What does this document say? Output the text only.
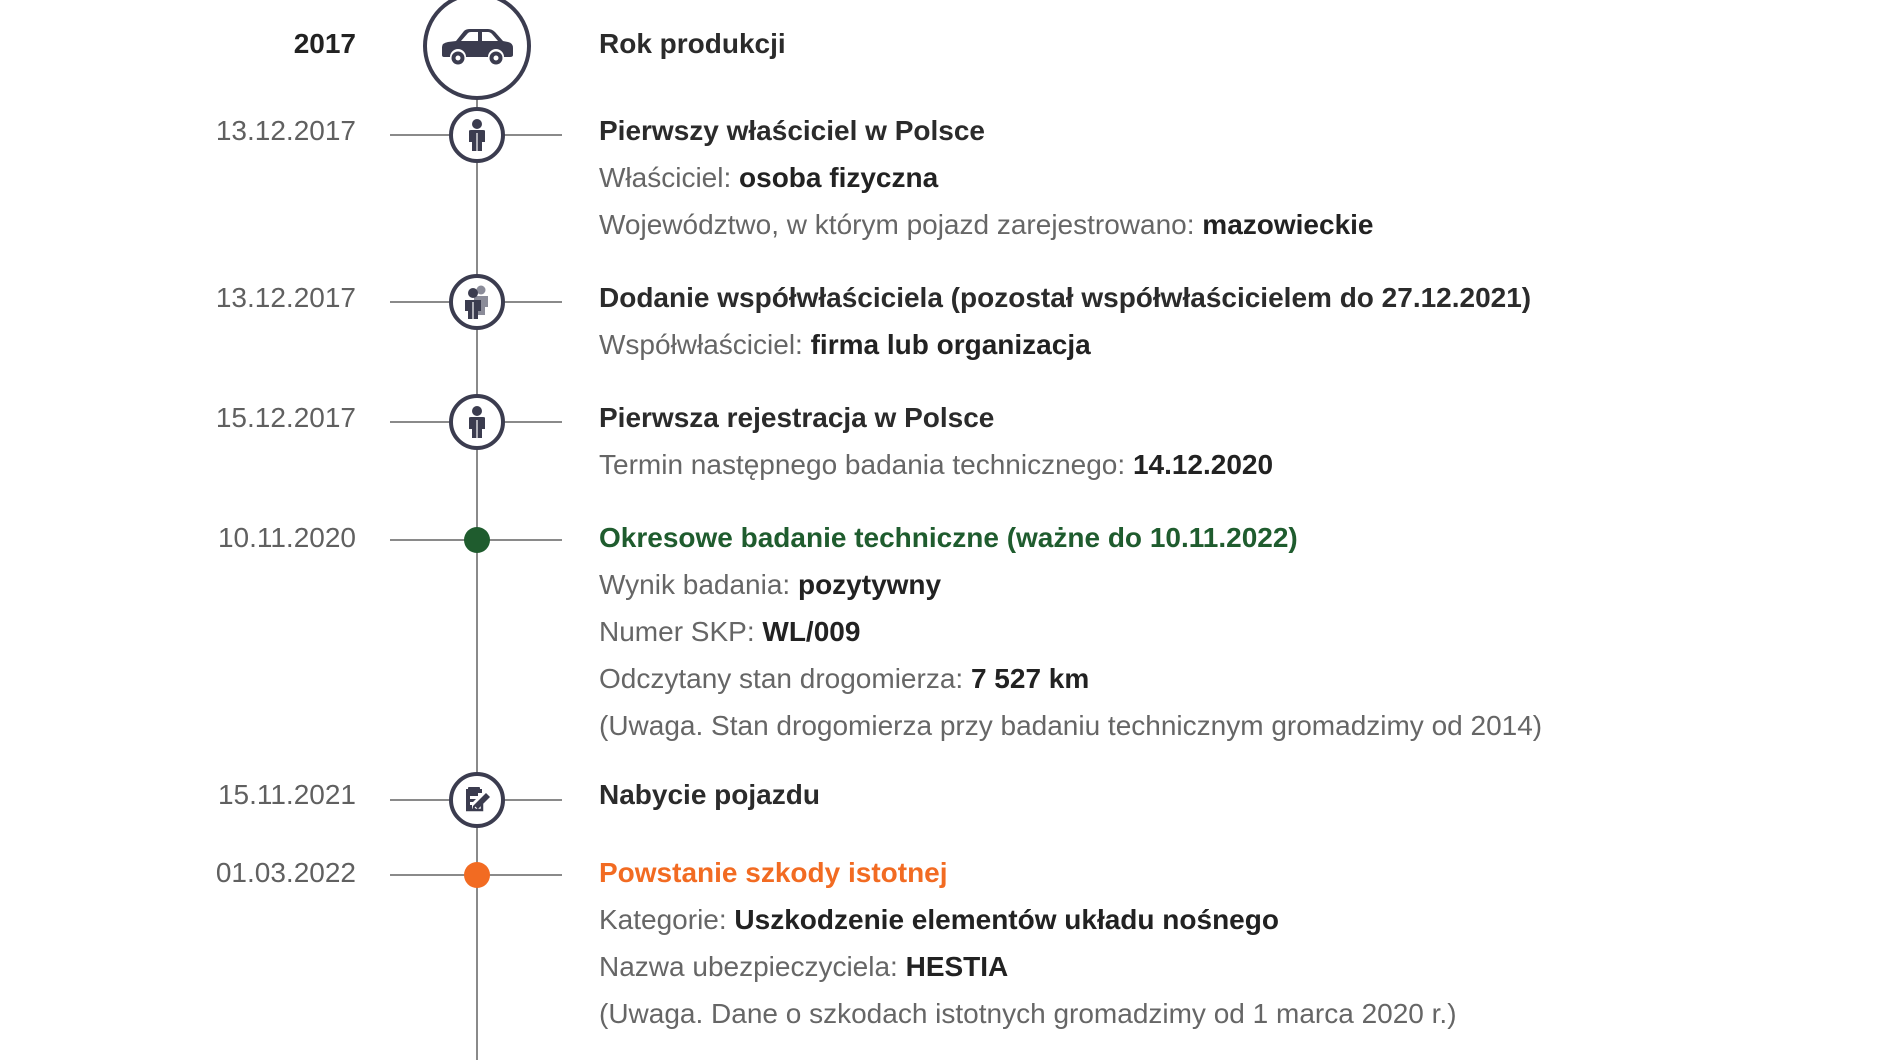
2017	Rok produkcji
13.12.2017	Pierwszy właściciel w Polsce
Właściciel: osoba fizyczna
Województwo, w którym pojazd zarejestrowano: mazowieckie
13.12.2017	Dodanie współwłaściciela (pozostał współwłaścicielem do 27.12.2021)
Współwłaściciel: firma lub organizacja
15.12.2017	Pierwsza rejestracja w Polsce
Termin następnego badania technicznego: 14.12.2020
10.11.2020	Okresowe badanie techniczne (ważne do 10.11.2022)
Wynik badania: pozytywny
Numer SKP: WL/009
Odczytany stan drogomierza: 7 527 km
(Uwaga. Stan drogomierza przy badaniu technicznym gromadzimy od 2014)
15.11.2021	Nabycie pojazdu
01.03.2022	Powstanie szkody istotnej
Kategorie: Uszkodzenie elementów układu nośnego
Nazwa ubezpieczyciela: HESTIA
(Uwaga. Dane o szkodach istotnych gromadzimy od 1 marca 2020 r.)
